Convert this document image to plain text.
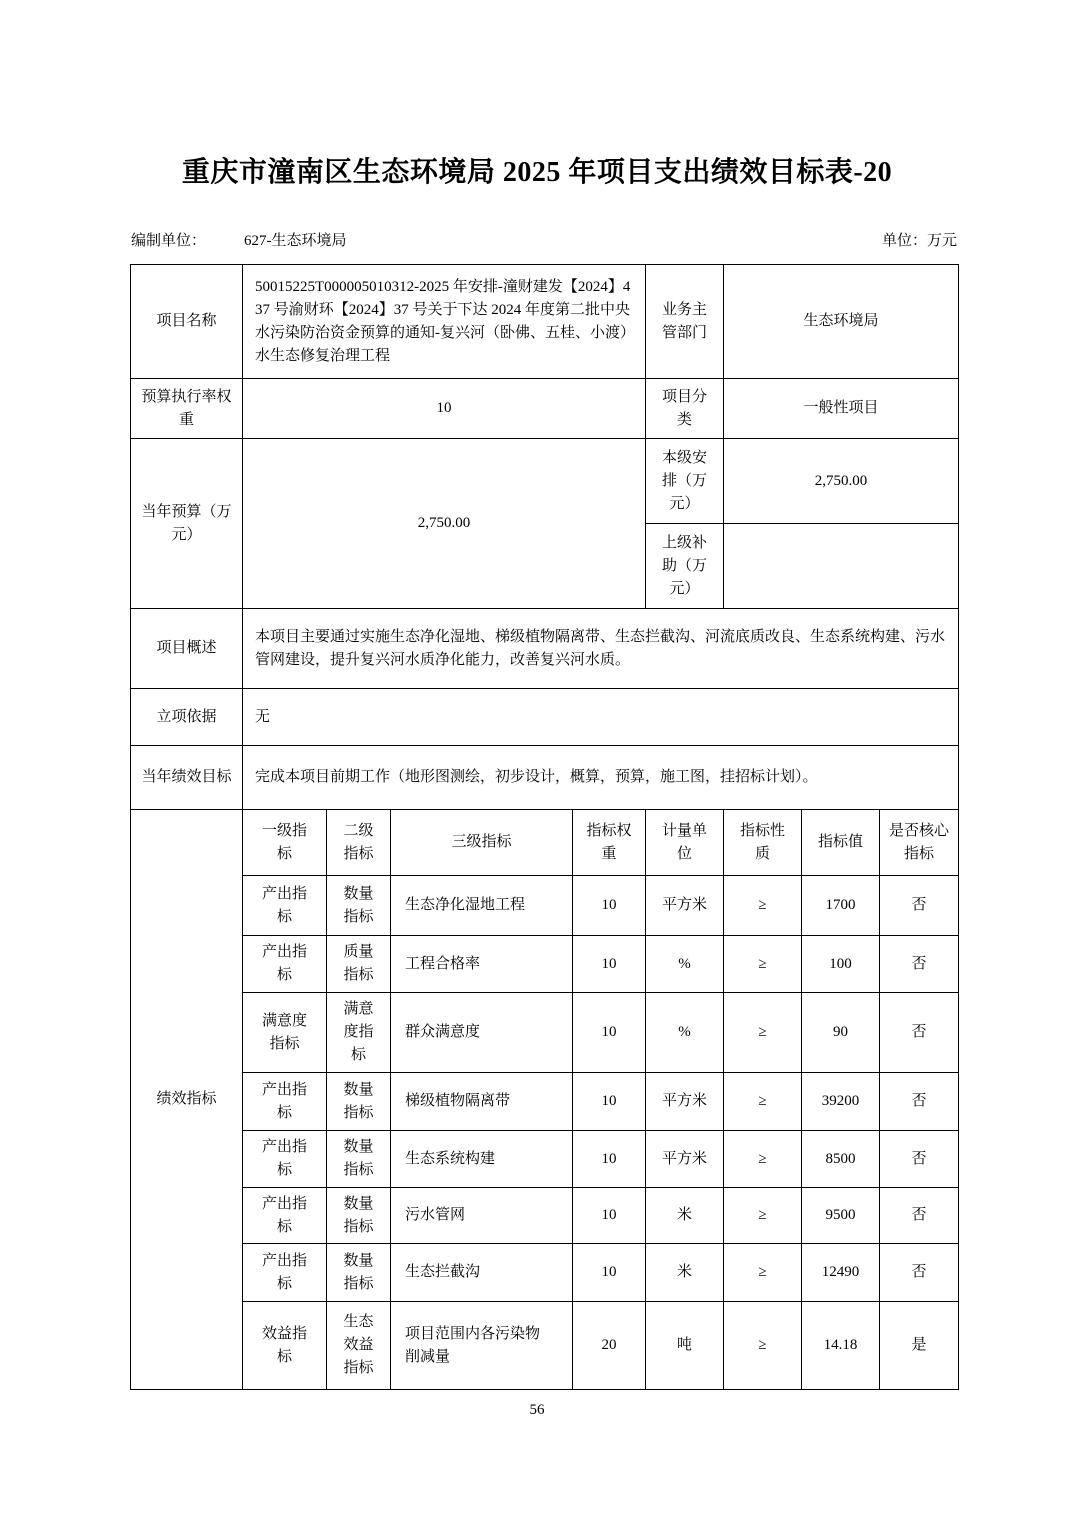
重庆市潼南区生态环境局 2025 年项目支出绩效目标表-20
编制单位：	627-生态环境局	单位：万元
项目名称	50015225T000005010312-2025 年安排-潼财建发【2024】437 号渝财环【2024】37 号关于下达 2024 年度第二批中央水污染防治资金预算的通知-复兴河（卧佛、五桂、小渡）水生态修复治理工程				业务主管部门	生态环境局		
预算执行率权重	10				项目分类	一般性项目		
当年预算（万元）	2,750.00				本级安排（万元）	2,750.00		
					上级补助（万元）			
项目概述	本项目主要通过实施生态净化湿地、梯级植物隔离带、生态拦截沟、河流底质改良、生态系统构建、污水管网建设，提升复兴河水质净化能力，改善复兴河水质。							
立项依据	无							
当年绩效目标	完成本项目前期工作（地形图测绘，初步设计，概算，预算，施工图，挂招标计划）。							
绩效指标	一级指标	二级指标	三级指标	指标权重	计量单位	指标性质	指标值	是否核心指标
	产出指标	数量指标	生态净化湿地工程	10	平方米	≥	1700	否
	产出指标	质量指标	工程合格率	10	%	≥	100	否
	满意度指标	满意度指标	群众满意度	10	%	≥	90	否
	产出指标	数量指标	梯级植物隔离带	10	平方米	≥	39200	否
	产出指标	数量指标	生态系统构建	10	平方米	≥	8500	否
	产出指标	数量指标	污水管网	10	米	≥	9500	否
	产出指标	数量指标	生态拦截沟	10	米	≥	12490	否
	效益指标	生态效益指标	项目范围内各污染物削减量	20	吨	≥	14.18	是
56
